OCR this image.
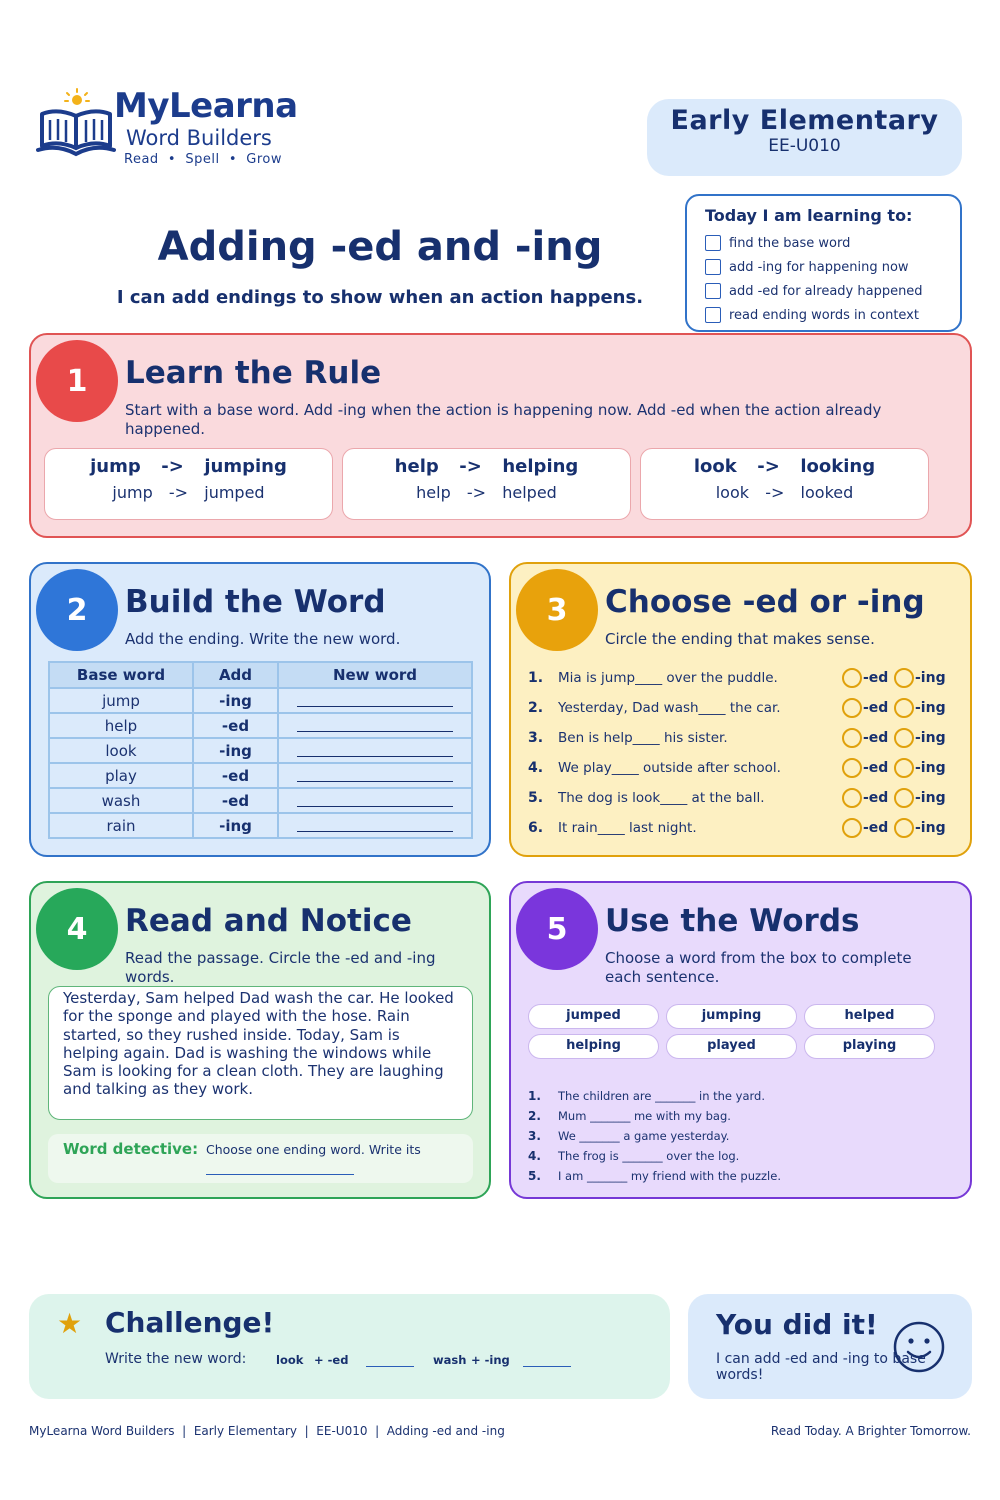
MyLearna
Word Builders
Read  •  Spell  •  Grow
Early Elementary
EE-U010
Today I am learning to:
find the base word
add -ing for happening now
add -ed for already happened
read ending words in context
Adding -ed and -ing
I can add endings to show when an action happens.
1	Learn the Rule
Start with a base word. Add -ing when the action is happening now. Add -ed when the action already happened.
jump  ->  jumping
jump  ->  jumped
help  ->  helping
help  ->  helped
look  ->  looking
look  ->  looked
2	Build the Word
Add the ending. Write the new word.
Base word	Add	New word
jump	-ing	

help	-ed	

look	-ing	

play	-ed	

wash	-ed	

rain	-ing	
3	Choose -ed or -ing
Circle the ending that makes sense.
1. Mia is jump____ over the puddle.	-ed -ing
2. Yesterday, Dad wash____ the car.	-ed -ing
3. Ben is help____ his sister.	-ed -ing
4. We play____ outside after school.	-ed -ing
5. The dog is look____ at the ball.	-ed -ing
6. It rain____ last night.	-ed -ing
4	Read and Notice
Read the passage. Circle the -ed and -ing words.
Yesterday, Sam helped Dad wash the car. He looked for the sponge and played with the hose. Rain started, so they rushed inside. Today, Sam is helping again. Dad is washing the windows while Sam is looking for a clean cloth. They are laughing and talking as they work.
Word detective: Choose one ending word. Write its
5	Use the Words
Choose a word from the box to complete each sentence.
jumped	jumping	helped
helping	played	playing
1. The children are _______ in the yard.
2. Mum _______ me with my bag.
3. We _______ a game yesterday.
4. The frog is _______ over the log.
5. I am _______ my friend with the puzzle.
★ Challenge!
Write the new word:	look + -ed	wash + -ing
You did it!
I can add -ed and -ing to base words!
MyLearna Word Builders  |  Early Elementary  |  EE-U010  |  Adding -ed and -ing	Read Today. A Brighter Tomorrow.
